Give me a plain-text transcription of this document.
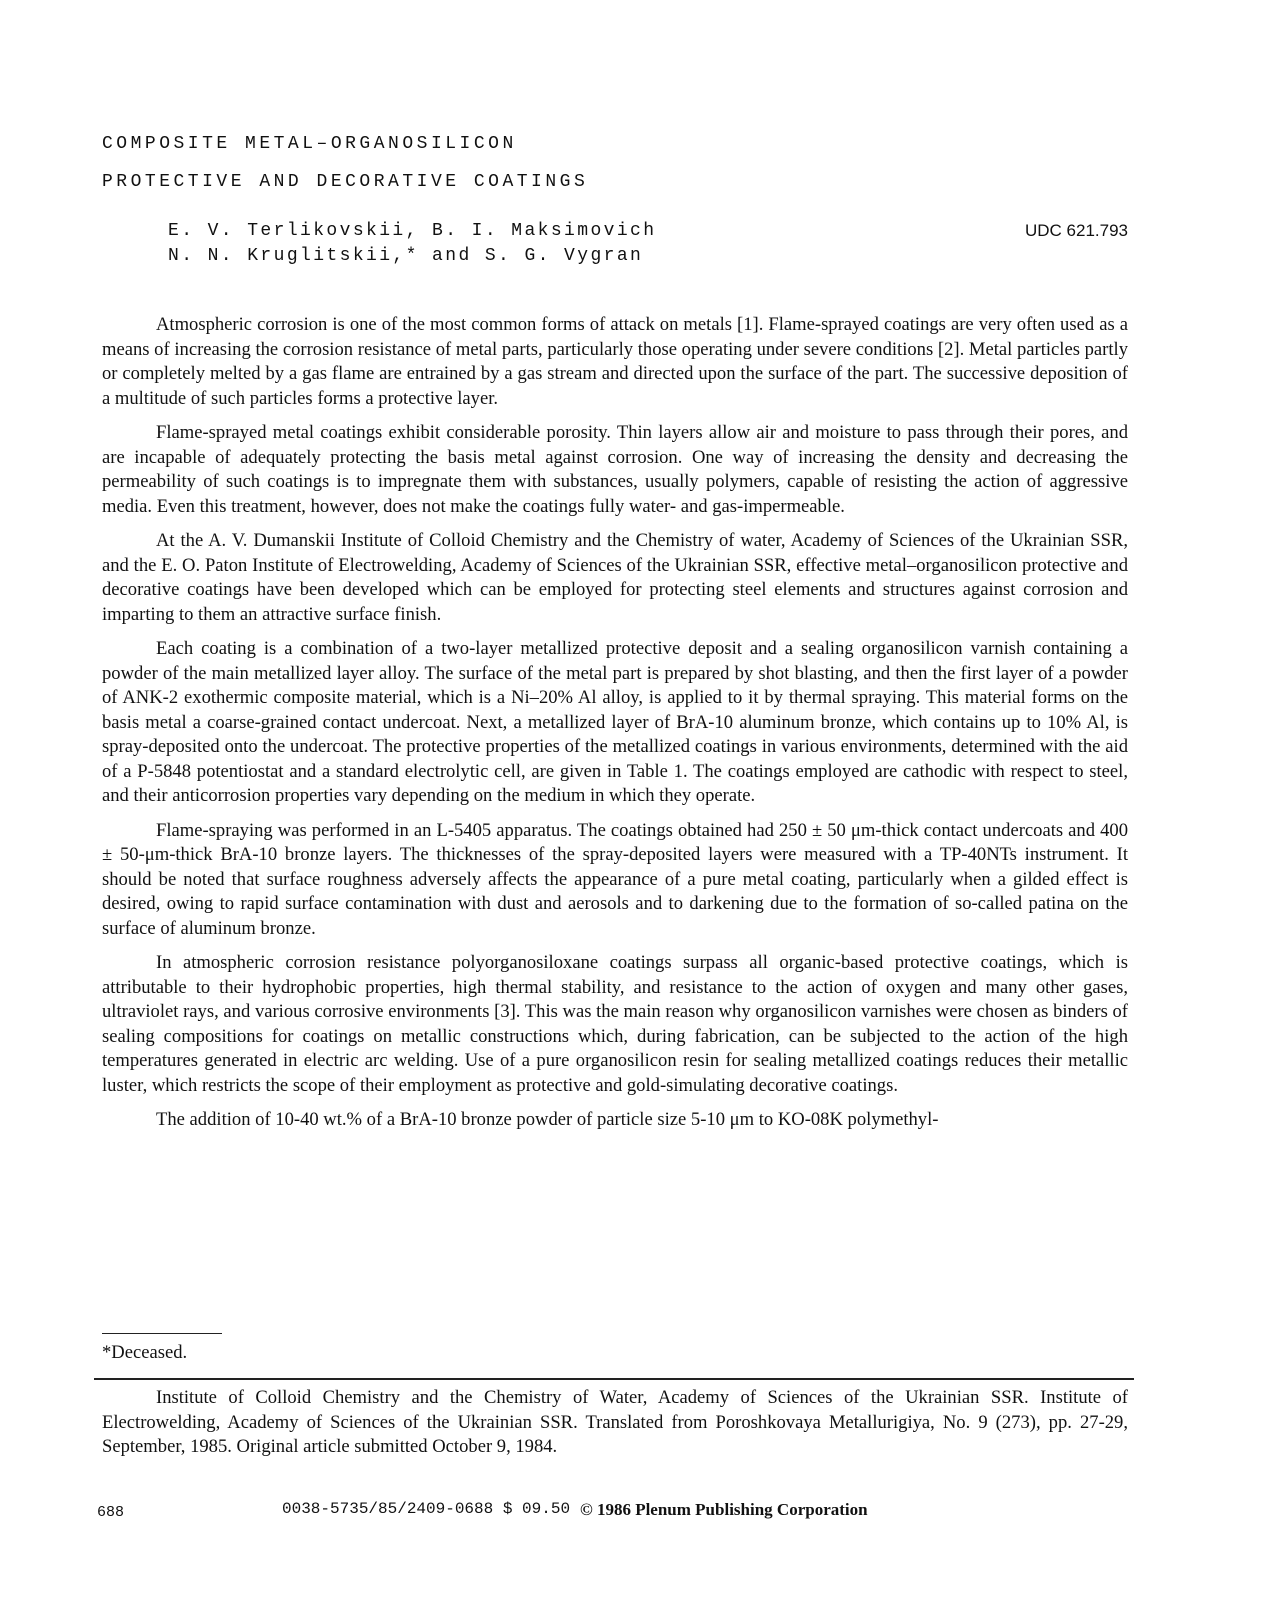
COMPOSITE METAL–ORGANOSILICON
PROTECTIVE AND DECORATIVE COATINGS
E. V. Terlikovskii, B. I. Maksimovich
N. N. Kruglitskii,* and S. G. Vygran
UDC 621.793

Atmospheric corrosion is one of the most common forms of attack on metals [1]. Flame-sprayed coatings are very often used as a means of increasing the corrosion resistance of metal parts, particularly those operating under severe conditions [2]. Metal particles partly or completely melted by a gas flame are entrained by a gas stream and directed upon the surface of the part. The successive deposition of a multitude of such particles forms a protective layer.

Flame-sprayed metal coatings exhibit considerable porosity. Thin layers allow air and moisture to pass through their pores, and are incapable of adequately protecting the basis metal against corrosion. One way of increasing the density and decreasing the permeability of such coatings is to impregnate them with substances, usually polymers, capable of resisting the action of aggressive media. Even this treatment, however, does not make the coatings fully water- and gas-impermeable.

At the A. V. Dumanskii Institute of Colloid Chemistry and the Chemistry of water, Academy of Sciences of the Ukrainian SSR, and the E. O. Paton Institute of Electrowelding, Academy of Sciences of the Ukrainian SSR, effective metal–organosilicon protective and decorative coatings have been developed which can be employed for protecting steel elements and structures against corrosion and imparting to them an attractive surface finish.

Each coating is a combination of a two-layer metallized protective deposit and a sealing organosilicon varnish containing a powder of the main metallized layer alloy. The surface of the metal part is prepared by shot blasting, and then the first layer of a powder of ANK-2 exothermic composite material, which is a Ni–20% Al alloy, is applied to it by thermal spraying. This material forms on the basis metal a coarse-grained contact undercoat. Next, a metallized layer of BrA-10 aluminum bronze, which contains up to 10% Al, is spray-deposited onto the undercoat. The protective properties of the metallized coatings in various environments, determined with the aid of a P-5848 potentiostat and a standard electrolytic cell, are given in Table 1. The coatings employed are cathodic with respect to steel, and their anticorrosion properties vary depending on the medium in which they operate.

Flame-spraying was performed in an L-5405 apparatus. The coatings obtained had 250 ± 50 μm-thick contact undercoats and 400 ± 50-μm-thick BrA-10 bronze layers. The thicknesses of the spray-deposited layers were measured with a TP-40NTs instrument. It should be noted that surface roughness adversely affects the appearance of a pure metal coating, particularly when a gilded effect is desired, owing to rapid surface contamination with dust and aerosols and to darkening due to the formation of so-called patina on the surface of aluminum bronze.

In atmospheric corrosion resistance polyorganosiloxane coatings surpass all organic-based protective coatings, which is attributable to their hydrophobic properties, high thermal stability, and resistance to the action of oxygen and many other gases, ultraviolet rays, and various corrosive environments [3]. This was the main reason why organosilicon varnishes were chosen as binders of sealing compositions for coatings on metallic constructions which, during fabrication, can be subjected to the action of the high temperatures generated in electric arc welding. Use of a pure organosilicon resin for sealing metallized coatings reduces their metallic luster, which restricts the scope of their employment as protective and gold-simulating decorative coatings.

The addition of 10-40 wt.% of a BrA-10 bronze powder of particle size 5-10 μm to KO-08K polymethyl-

*Deceased.

Institute of Colloid Chemistry and the Chemistry of Water, Academy of Sciences of the Ukrainian SSR. Institute of Electrowelding, Academy of Sciences of the Ukrainian SSR. Translated from Poroshkovaya Metallurigiya, No. 9 (273), pp. 27-29, September, 1985. Original article submitted October 9, 1984.

688	0038-5735/85/2409-0688 $ 09.50 © 1986 Plenum Publishing Corporation
